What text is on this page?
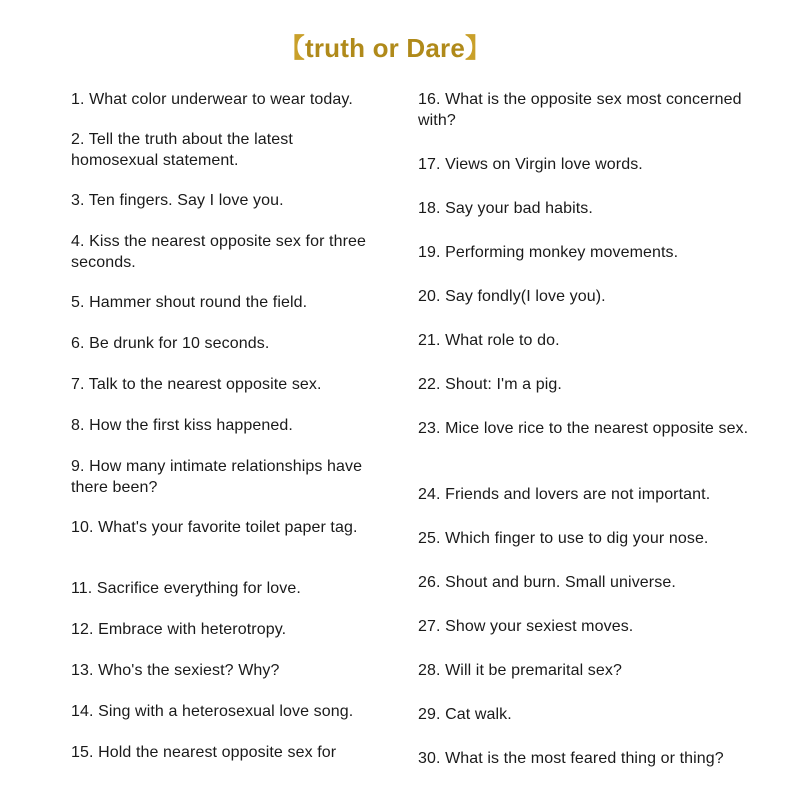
【truth or Dare】
1. What color underwear to wear today.
2. Tell the truth about the latest homosexual statement.
3. Ten fingers. Say I love you.
4. Kiss the nearest opposite sex for three seconds.
5. Hammer shout round the field.
6. Be drunk for 10 seconds.
7. Talk to the nearest opposite sex.
8. How the first kiss happened.
9. How many intimate relationships have there been?
10. What's your favorite toilet paper tag.
11. Sacrifice everything for love.
12. Embrace with heterotropy.
13. Who's the sexiest? Why?
14. Sing with a heterosexual love song.
15. Hold the nearest opposite sex for
16. What is the opposite sex most concerned with?
17. Views on Virgin love words.
18. Say your bad habits.
19. Performing monkey movements.
20. Say fondly(I love you).
21. What role to do.
22. Shout: I'm a pig.
23. Mice love rice to the nearest opposite sex.
24. Friends and lovers are not important.
25. Which finger to use to dig your nose.
26. Shout and burn. Small universe.
27. Show your sexiest moves.
28. Will it be premarital sex?
29. Cat walk.
30. What is the most feared thing or thing?
